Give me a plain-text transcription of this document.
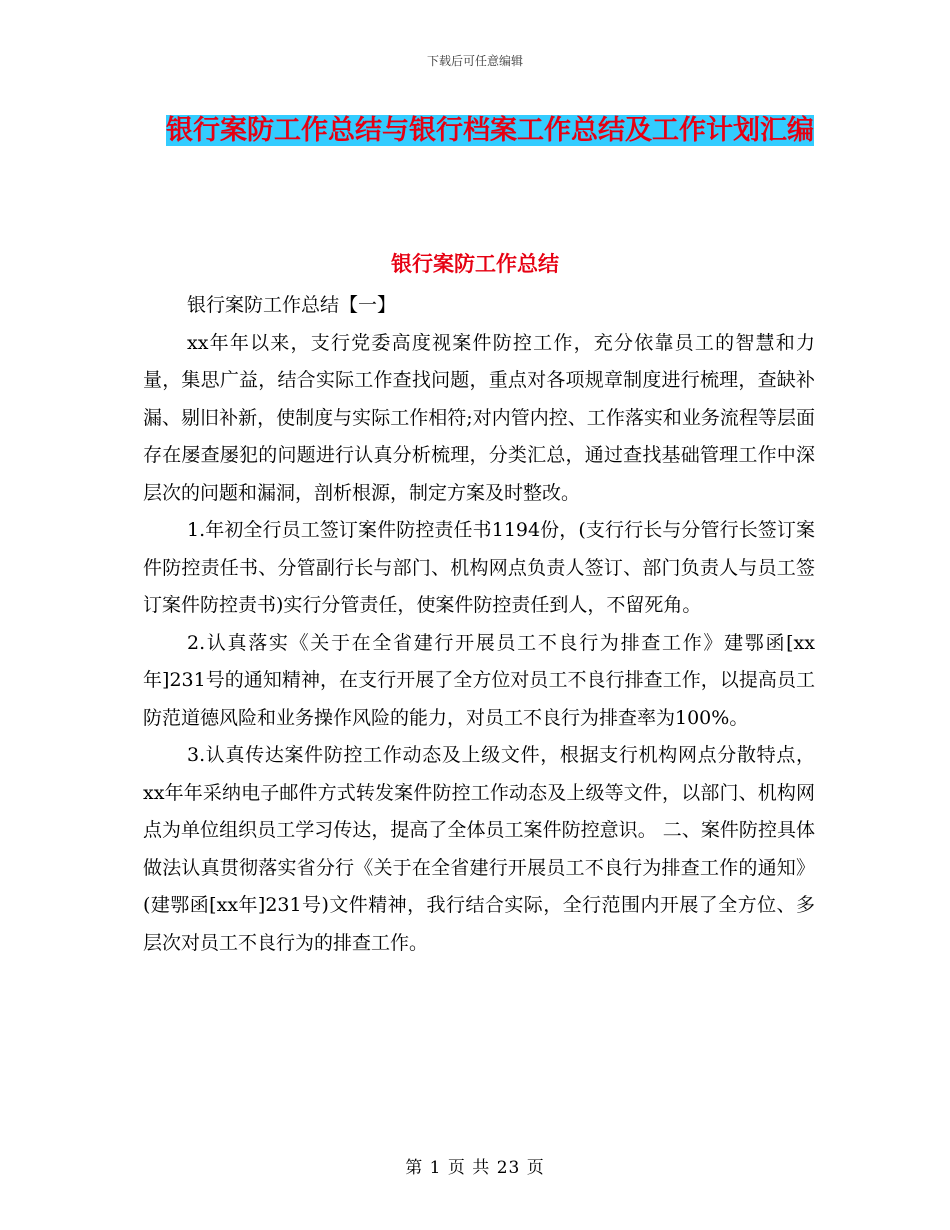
下载后可任意编辑
银行案防工作总结与银行档案工作总结及工作计划汇编
银行案防工作总结

银行案防工作总结【一】

xx年年以来，支行党委高度视案件防控工作，充分依靠员工的智慧和力量，集思广益，结合实际工作查找问题，重点对各项规章制度进行梳理，查缺补漏、剔旧补新，使制度与实际工作相符;对内管内控、工作落实和业务流程等层面存在屡查屡犯的问题进行认真分析梳理，分类汇总，通过查找基础管理工作中深层次的问题和漏洞，剖析根源，制定方案及时整改。

1.年初全行员工签订案件防控责任书1194份，(支行行长与分管行长签订案件防控责任书、分管副行长与部门、机构网点负责人签订、部门负责人与员工签订案件防控责书)实行分管责任，使案件防控责任到人，不留死角。

2.认真落实《关于在全省建行开展员工不良行为排查工作》建鄂函[xx年]231号的通知精神，在支行开展了全方位对员工不良行排查工作，以提高员工防范道德风险和业务操作风险的能力，对员工不良行为排查率为100%。

3.认真传达案件防控工作动态及上级文件，根据支行机构网点分散特点，xx年年采纳电子邮件方式转发案件防控工作动态及上级等文件，以部门、机构网点为单位组织员工学习传达，提高了全体员工案件防控意识。 二、案件防控具体做法认真贯彻落实省分行《关于在全省建行开展员工不良行为排查工作的通知》(建鄂函[xx年]231号)文件精神，我行结合实际，全行范围内开展了全方位、多层次对员工不良行为的排查工作。

第 1 页 共 23 页
